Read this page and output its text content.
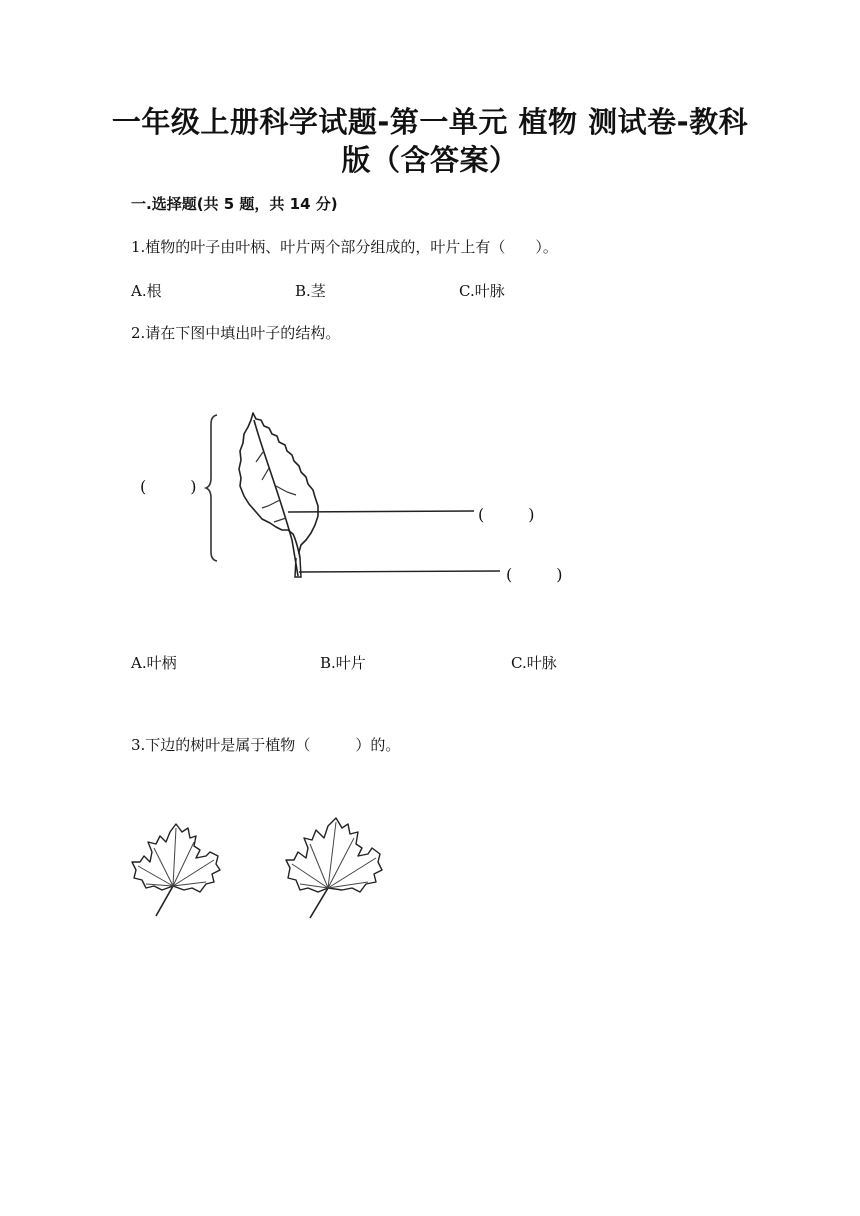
一年级上册科学试题-第一单元 植物 测试卷-教科
版（含答案）
一.选择题(共 5 题，共 14 分)
1.植物的叶子由叶柄、叶片两个部分组成的，叶片上有（　　）。
A.根	B.茎	C.叶脉
2.请在下图中填出叶子的结构。
(　　)
(　　)
(　　)
A.叶柄	B.叶片	C.叶脉
3.下边的树叶是属于植物（　　　）的。
